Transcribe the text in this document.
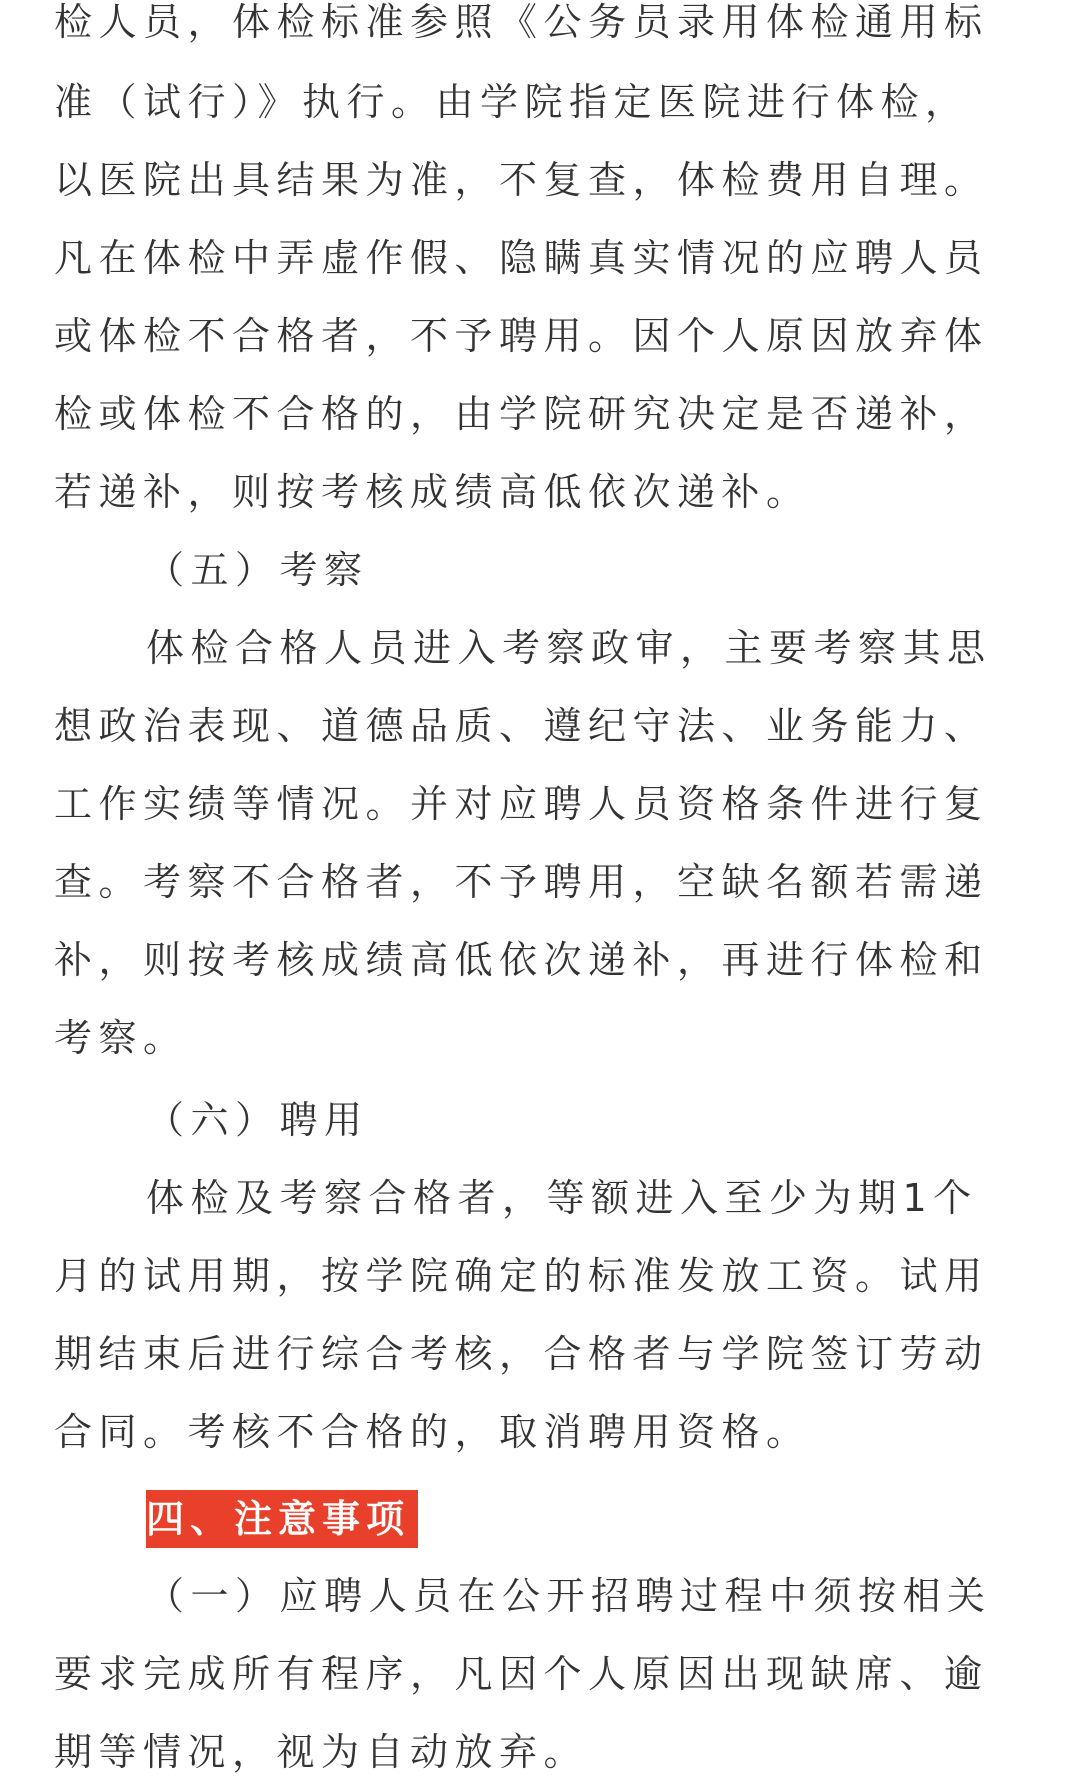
检人员，体检标准参照《公务员录用体检通用标
准（试行）》执行。由学院指定医院进行体检，
以医院出具结果为准，不复查，体检费用自理。
凡在体检中弄虚作假、隐瞒真实情况的应聘人员
或体检不合格者，不予聘用。因个人原因放弃体
检或体检不合格的，由学院研究决定是否递补，
若递补，则按考核成绩高低依次递补。
（五）考察
体检合格人员进入考察政审，主要考察其思
想政治表现、道德品质、遵纪守法、业务能力、
工作实绩等情况。并对应聘人员资格条件进行复
查。考察不合格者，不予聘用，空缺名额若需递
补，则按考核成绩高低依次递补，再进行体检和
考察。
（六）聘用
体检及考察合格者，等额进入至少为期1个
月的试用期，按学院确定的标准发放工资。试用
期结束后进行综合考核，合格者与学院签订劳动
合同。考核不合格的，取消聘用资格。
四、注意事项
（一）应聘人员在公开招聘过程中须按相关
要求完成所有程序，凡因个人原因出现缺席、逾
期等情况，视为自动放弃。
